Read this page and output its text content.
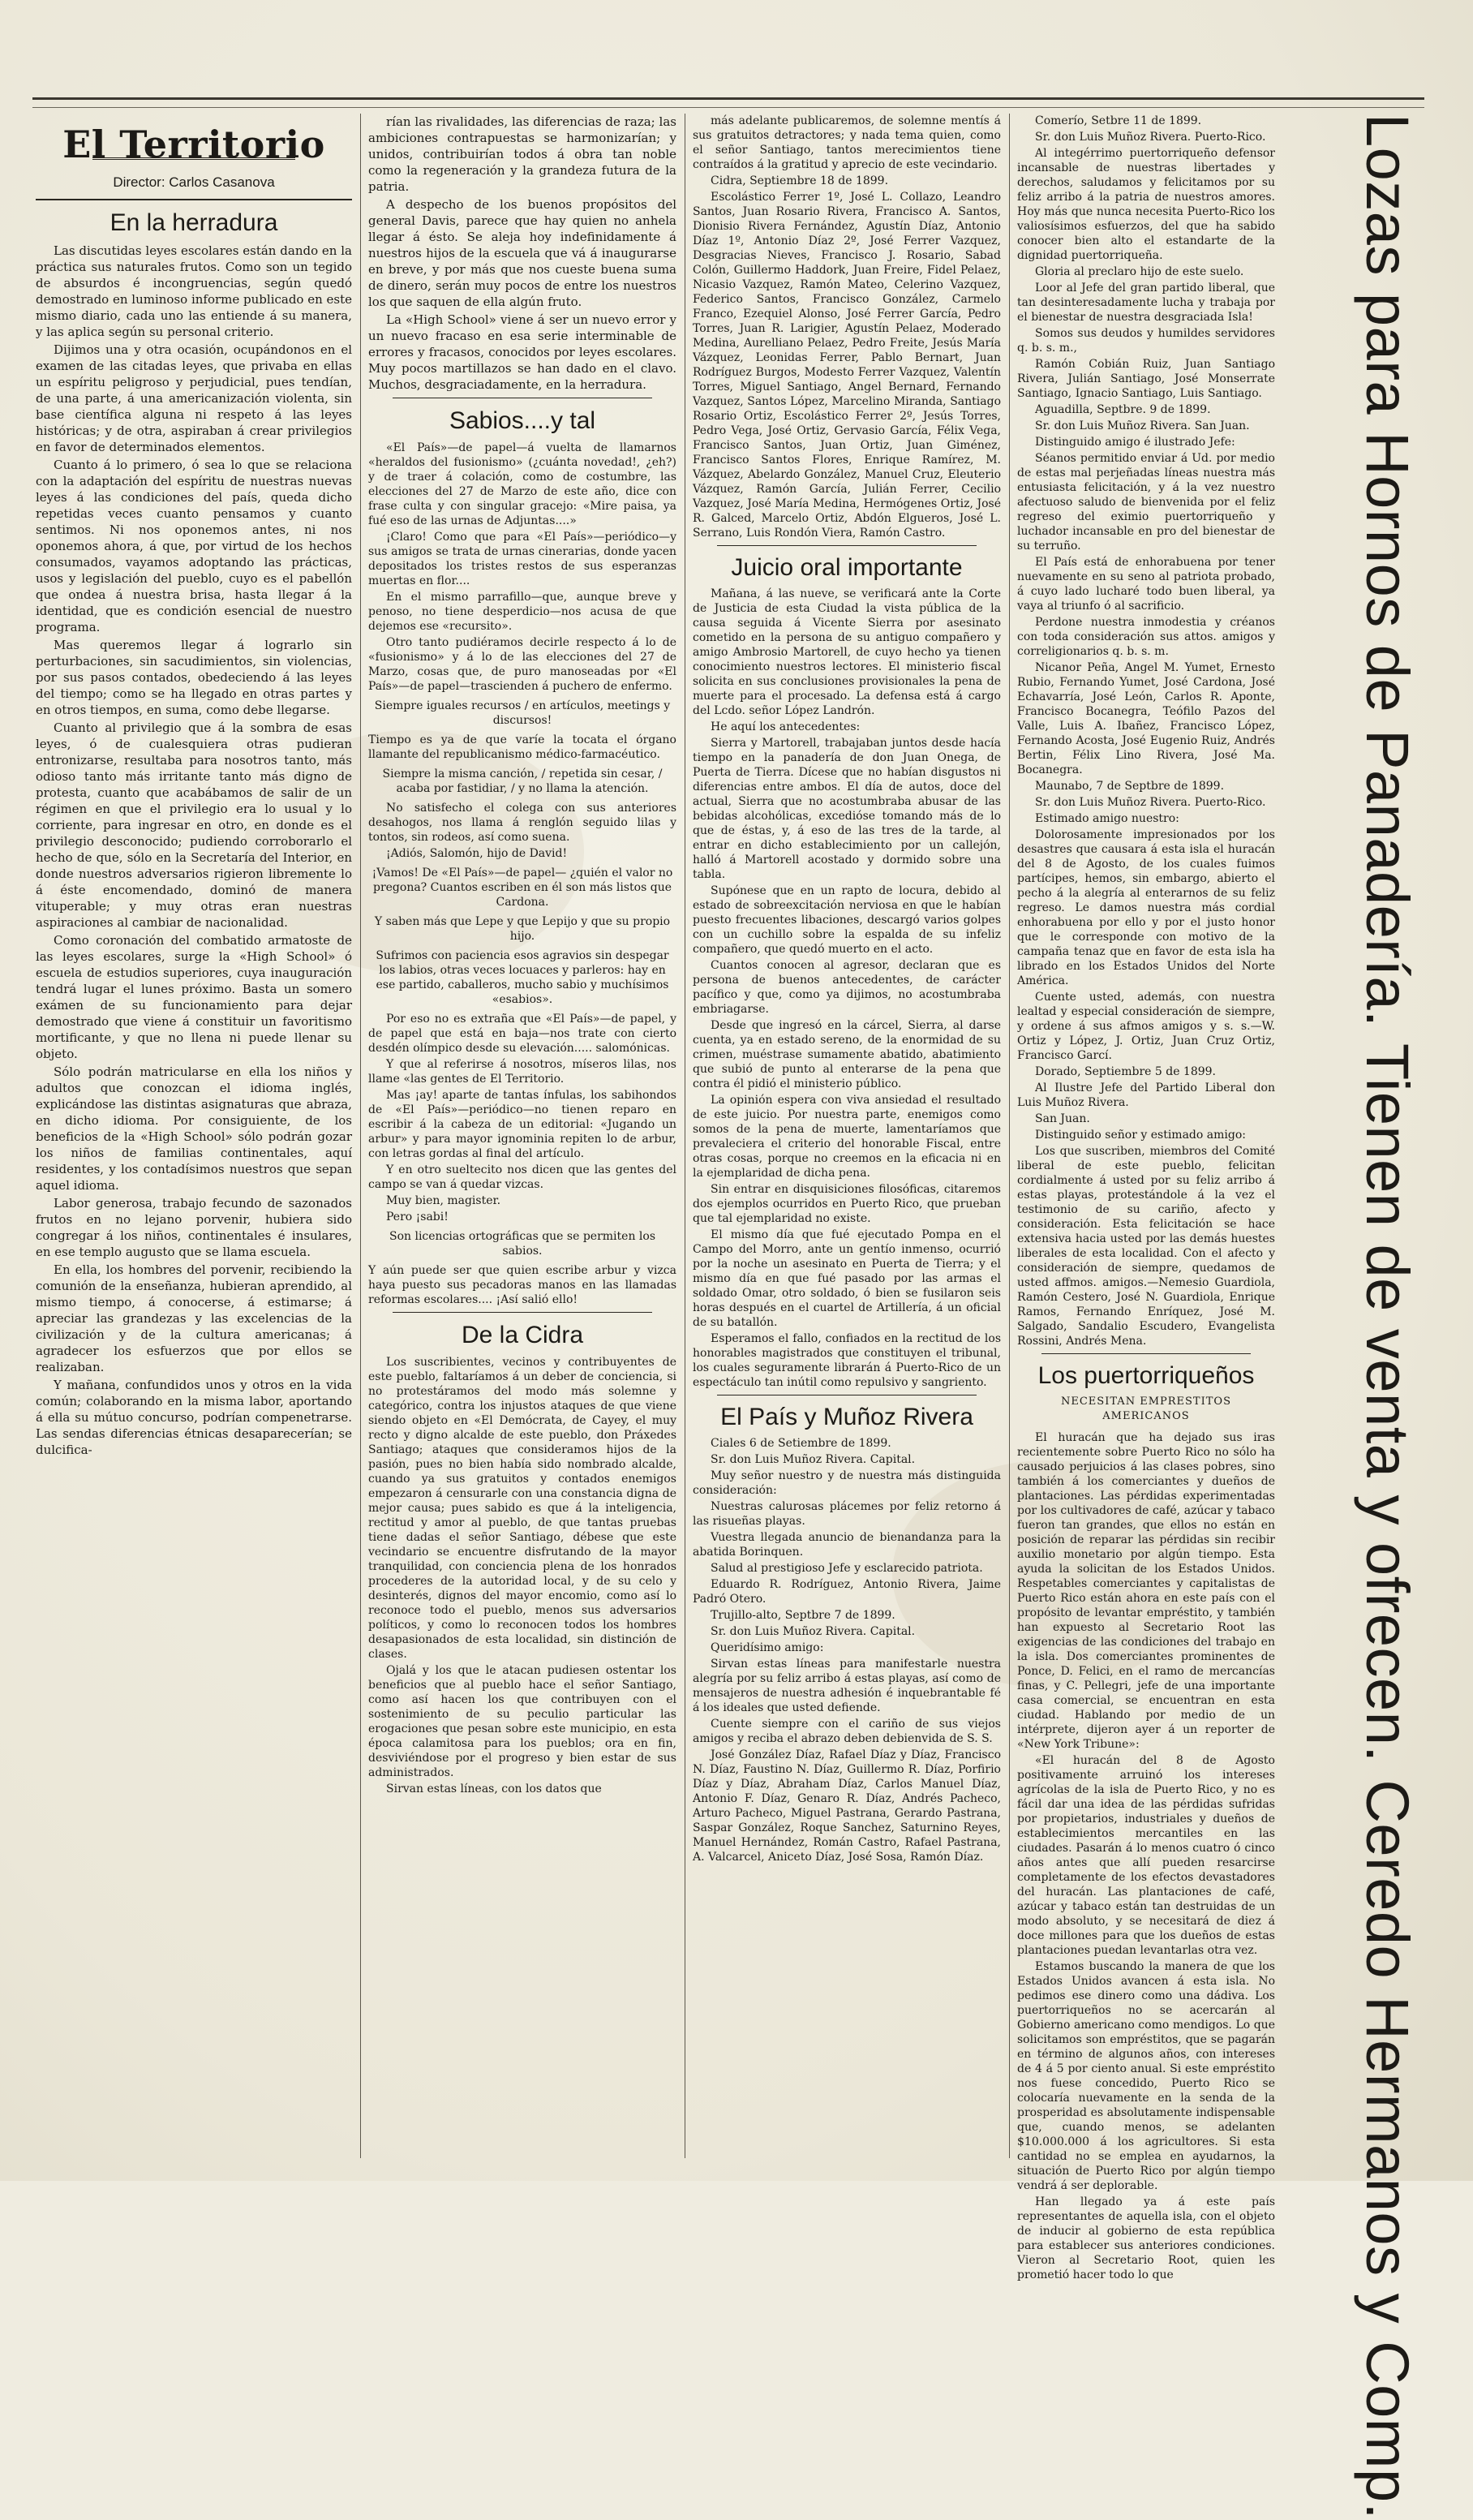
El Territorio
Director: Carlos Casanova
En la herradura

Las discutidas leyes escolares están dando en la práctica sus naturales frutos. Como son un tegido de absurdos é incongruencias, según quedó demostrado en luminoso informe publicado en este mismo diario, cada uno las entiende á su manera, y las aplica según su personal criterio.

Dijimos una y otra ocasión, ocupándonos en el examen de las citadas leyes, que privaba en ellas un espíritu peligroso y perjudicial, pues tendían, de una parte, á una americanización violenta, sin base científica alguna ni respeto á las leyes históricas; y de otra, aspiraban á crear privilegios en favor de determinados elementos.

Cuanto á lo primero, ó sea lo que se relaciona con la adaptación del espíritu de nuestras nuevas leyes á las condiciones del país, queda dicho repetidas veces cuanto pensamos y cuanto sentimos. Ni nos oponemos antes, ni nos oponemos ahora, á que, por virtud de los hechos consumados, vayamos adoptando las prácticas, usos y legislación del pueblo, cuyo es el pabellón que ondea á nuestra brisa, hasta llegar á la identidad, que es condición esencial de nuestro programa.

Mas queremos llegar á lograrlo sin perturbaciones, sin sacudimientos, sin violencias, por sus pasos contados, obedeciendo á las leyes del tiempo; como se ha llegado en otras partes y en otros tiempos, en suma, como debe llegarse.

Cuanto al privilegio que á la sombra de esas leyes, ó de cualesquiera otras pudieran entronizarse, resultaba para nosotros tanto, más odioso tanto más irritante tanto más digno de protesta, cuanto que acabábamos de salir de un régimen en que el privilegio era lo usual y lo corriente, para ingresar en otro, en donde es el privilegio desconocido; pudiendo corroborarlo el hecho de que, sólo en la Secretaría del Interior, en donde nuestros adversarios rigieron libremente lo á éste encomendado, dominó de manera vituperable; y muy otras eran nuestras aspiraciones al cambiar de nacionalidad.

Como coronación del combatido armatoste de las leyes escolares, surge la «High School» ó escuela de estudios superiores, cuya inauguración tendrá lugar el lunes próximo. Basta un somero exámen de su funcionamiento para dejar demostrado que viene á constituir un favoritismo mortificante, y que no llena ni puede llenar su objeto.

Sólo podrán matricularse en ella los niños y adultos que conozcan el idioma inglés, explicándose las distintas asignaturas que abraza, en dicho idioma. Por consiguiente, de los beneficios de la «High School» sólo podrán gozar los niños de familias continentales, aquí residentes, y los contadísimos nuestros que sepan aquel idioma.

Labor generosa, trabajo fecundo de sazonados frutos en no lejano porvenir, hubiera sido congregar á los niños, continentales é insulares, en ese templo augusto que se llama escuela.

En ella, los hombres del porvenir, recibiendo la comunión de la enseñanza, hubieran aprendido, al mismo tiempo, á conocerse, á estimarse; á apreciar las grandezas y las excelencias de la civilización y de la cultura americanas; á agradecer los esfuerzos que por ellos se realizaban.

Y mañana, confundidos unos y otros en la vida común; colaborando en la misma labor, aportando á ella su mútuo concurso, podrían compenetrarse. Las sendas diferencias étnicas desaparecerían; se dulcifica-

rían las rivalidades, las diferencias de raza; las ambiciones contrapuestas se harmonizarían; y unidos, contribuirían todos á obra tan noble como la regeneración y la grandeza futura de la patria.

A despecho de los buenos propósitos del general Davis, parece que hay quien no anhela llegar á ésto. Se aleja hoy indefinidamente á nuestros hijos de la escuela que vá á inaugurarse en breve, y por más que nos cueste buena suma de dinero, serán muy pocos de entre los nuestros los que saquen de ella algún fruto.

La «High School» viene á ser un nuevo error y un nuevo fracaso en esa serie interminable de errores y fracasos, conocidos por leyes escolares. Muy pocos martillazos se han dado en el clavo. Muchos, desgraciadamente, en la herradura.

Sabios....y tal

«El País»—de papel—á vuelta de llamarnos «heraldos del fusionismo» (¿cuánta novedad!, ¿eh?) y de traer á colación, como de costumbre, las elecciones del 27 de Marzo de este año, dice con frase culta y con singular gracejo: «Mire paisa, ya fué eso de las urnas de Adjuntas....»

¡Claro! Como que para «El País»—periódico—y sus amigos se trata de urnas cinerarias, donde yacen depositados los tristes restos de sus esperanzas muertas en flor....

En el mismo parrafillo—que, aunque breve y penoso, no tiene desperdicio—nos acusa de que dejemos ese «recursito».

Otro tanto pudiéramos decirle respecto á lo de «fusionismo» y á lo de las elecciones del 27 de Marzo, cosas que, de puro manoseadas por «El País»—de papel—trascienden á puchero de enfermo.

Siempre iguales recursos / en artículos, meetings y discursos!
Tiempo es ya de que varíe la tocata el órgano llamante del republicanismo médico-farmacéutico.
Siempre la misma canción, / repetida sin cesar, / acaba por fastidiar, / y no llama la atención.

No satisfecho el colega con sus anteriores desahogos, nos llama á renglón seguido lilas y tontos, sin rodeos, así como suena.

¡Adiós, Salomón, hijo de David!

¡Vamos! De «El País»—de papel— ¿quién el valor no pregona? Cuantos escriben en él son más listos que Cardona.
Y saben más que Lepe y que Lepijo y que su propio hijo.
Sufrimos con paciencia esos agravios sin despegar los labios, otras veces locuaces y parleros: hay en ese partido, caballeros, mucho sabio y muchísimos «esabios».

Por eso no es extraña que «El País»—de papel, y de papel que está en baja—nos trate con cierto desdén olímpico desde su elevación..... salomónicas.

Y que al referirse á nosotros, míseros lilas, nos llame «las gentes de El Territorio.

Mas ¡ay! aparte de tantas ínfulas, los sabihondos de «El País»—periódico—no tienen reparo en escribir á la cabeza de un editorial: «Jugando un arbur» y para mayor ignominia repiten lo de arbur, con letras gordas al final del artículo.

Y en otro sueltecito nos dicen que las gentes del campo se van á quedar vizcas.

Muy bien, magister.

Pero ¡sabi!

Son licencias ortográficas que se permiten los sabios.
Y aún puede ser que quien escribe arbur y vizca haya puesto sus pecadoras manos en las llamadas reformas escolares.... ¡Así salió ello!
De la Cidra

Los suscribientes, vecinos y contribuyentes de este pueblo, faltaríamos á un deber de conciencia, si no protestáramos del modo más solemne y categórico, contra los injustos ataques de que viene siendo objeto en «El Demócrata, de Cayey, el muy recto y digno alcalde de este pueblo, don Práxedes Santiago; ataques que consideramos hijos de la pasión, pues no bien había sido nombrado alcalde, cuando ya sus gratuitos y contados enemigos empezaron á censurarle con una constancia digna de mejor causa; pues sabido es que á la inteligencia, rectitud y amor al pueblo, de que tantas pruebas tiene dadas el señor Santiago, débese que este vecindario se encuentre disfrutando de la mayor tranquilidad, con conciencia plena de los honrados procederes de la autoridad local, y de su celo y desinterés, dignos del mayor encomio, como así lo reconoce todo el pueblo, menos sus adversarios políticos, y como lo reconocen todos los hombres desapasionados de esta localidad, sin distinción de clases.

Ojalá y los que le atacan pudiesen ostentar los beneficios que al pueblo hace el señor Santiago, como así hacen los que contribuyen con el sostenimiento de su peculio particular las erogaciones que pesan sobre este municipio, en esta época calamitosa para los pueblos; ora en fin, desviviéndose por el progreso y bien estar de sus administrados.

Sirvan estas líneas, con los datos que

más adelante publicaremos, de solemne mentís á sus gratuitos detractores; y nada tema quien, como el señor Santiago, tantos merecimientos tiene contraídos á la gratitud y aprecio de este vecindario.

Cidra, Septiembre 18 de 1899.

Escolástico Ferrer 1º, José L. Collazo, Leandro Santos, Juan Rosario Rivera, Francisco A. Santos, Dionisio Rivera Fernández, Agustín Díaz, Antonio Díaz 1º, Antonio Díaz 2º, José Ferrer Vazquez, Desgracias Nieves, Francisco J. Rosario, Sabad Colón, Guillermo Haddork, Juan Freire, Fidel Pelaez, Nicasio Vazquez, Ramón Mateo, Celerino Vazquez, Federico Santos, Francisco González, Carmelo Franco, Ezequiel Alonso, José Ferrer García, Pedro Torres, Juan R. Larigier, Agustín Pelaez, Moderado Medina, Aurelliano Pelaez, Pedro Freite, Jesús María Vázquez, Leonidas Ferrer, Pablo Bernart, Juan Rodríguez Burgos, Modesto Ferrer Vazquez, Valentín Torres, Miguel Santiago, Angel Bernard, Fernando Vazquez, Santos López, Marcelino Miranda, Santiago Rosario Ortiz, Escolástico Ferrer 2º, Jesús Torres, Pedro Vega, José Ortiz, Gervasio García, Félix Vega, Francisco Santos, Juan Ortiz, Juan Giménez, Francisco Santos Flores, Enrique Ramírez, M. Vázquez, Abelardo González, Manuel Cruz, Eleuterio Vázquez, Ramón García, Julián Ferrer, Cecilio Vazquez, José María Medina, Hermógenes Ortiz, José R. Galced, Marcelo Ortiz, Abdón Elgueros, José L. Serrano, Luis Rondón Viera, Ramón Castro.

Juicio oral importante

Mañana, á las nueve, se verificará ante la Corte de Justicia de esta Ciudad la vista pública de la causa seguida á Vicente Sierra por asesinato cometido en la persona de su antiguo compañero y amigo Ambrosio Martorell, de cuyo hecho ya tienen conocimiento nuestros lectores. El ministerio fiscal solicita en sus conclusiones provisionales la pena de muerte para el procesado. La defensa está á cargo del Lcdo. señor López Landrón.

He aquí los antecedentes:

Sierra y Martorell, trabajaban juntos desde hacía tiempo en la panadería de don Juan Onega, de Puerta de Tierra. Dícese que no habían disgustos ni diferencias entre ambos. El día de autos, doce del actual, Sierra que no acostumbraba abusar de las bebidas alcohólicas, excedióse tomando más de lo que de éstas, y, á eso de las tres de la tarde, al entrar en dicho establecimiento por un callejón, halló á Martorell acostado y dormido sobre una tabla.

Supónese que en un rapto de locura, debido al estado de sobreexcitación nerviosa en que le habían puesto frecuentes libaciones, descargó varios golpes con un cuchillo sobre la espalda de su infeliz compañero, que quedó muerto en el acto.

Cuantos conocen al agresor, declaran que es persona de buenos antecedentes, de carácter pacífico y que, como ya dijimos, no acostumbraba embriagarse.

Desde que ingresó en la cárcel, Sierra, al darse cuenta, ya en estado sereno, de la enormidad de su crimen, muéstrase sumamente abatido, abatimiento que subió de punto al enterarse de la pena que contra él pidió el ministerio público.

La opinión espera con viva ansiedad el resultado de este juicio. Por nuestra parte, enemigos como somos de la pena de muerte, lamentaríamos que prevaleciera el criterio del honorable Fiscal, entre otras cosas, porque no creemos en la eficacia ni en la ejemplaridad de dicha pena.

Sin entrar en disquisiciones filosóficas, citaremos dos ejemplos ocurridos en Puerto Rico, que prueban que tal ejemplaridad no existe.

El mismo día que fué ejecutado Pompa en el Campo del Morro, ante un gentío inmenso, ocurrió por la noche un asesinato en Puerta de Tierra; y el mismo día en que fué pasado por las armas el soldado Omar, otro soldado, ó bien se fusilaron seis horas después en el cuartel de Artillería, á un oficial de su batallón.

Esperamos el fallo, confiados en la rectitud de los honorables magistrados que constituyen el tribunal, los cuales seguramente librarán á Puerto-Rico de un espectáculo tan inútil como repulsivo y sangriento.

El País y Muñoz Rivera

Ciales 6 de Setiembre de 1899.

Sr. don Luis Muñoz Rivera. Capital.

Muy señor nuestro y de nuestra más distinguida consideración:

Nuestras calurosas plácemes por feliz retorno á las risueñas playas.

Vuestra llegada anuncio de bienandanza para la abatida Borinquen.

Salud al prestigioso Jefe y esclarecido patriota.

Eduardo R. Rodríguez, Antonio Rivera, Jaime Padró Otero.

Trujillo-alto, Septbre 7 de 1899.

Sr. don Luis Muñoz Rivera. Capital.

Queridísimo amigo:

Sirvan estas líneas para manifestarle nuestra alegría por su feliz arribo á estas playas, así como de mensajeros de nuestra adhesión é inquebrantable fé á los ideales que usted defiende.

Cuente siempre con el cariño de sus viejos amigos y reciba el abrazo deben debienvida de S. S.

José González Díaz, Rafael Díaz y Díaz, Francisco N. Díaz, Faustino N. Díaz, Guillermo R. Díaz, Porfirio Díaz y Díaz, Abraham Díaz, Carlos Manuel Díaz, Antonio F. Díaz, Genaro R. Díaz, Andrés Pacheco, Arturo Pacheco, Miguel Pastrana, Gerardo Pastrana, Saspar González, Roque Sanchez, Saturnino Reyes, Manuel Hernández, Román Castro, Rafael Pastrana, A. Valcarcel, Aniceto Díaz, José Sosa, Ramón Díaz.

Comerío, Setbre 11 de 1899.

Sr. don Luis Muñoz Rivera. Puerto-Rico.

Al integérrimo puertorriqueño defensor incansable de nuestras libertades y derechos, saludamos y felicitamos por su feliz arribo á la patria de nuestros amores. Hoy más que nunca necesita Puerto-Rico los valiosísimos esfuerzos, del que ha sabido conocer bien alto el estandarte de la dignidad puertorriqueña.

Gloria al preclaro hijo de este suelo.

Loor al Jefe del gran partido liberal, que tan desinteresadamente lucha y trabaja por el bienestar de nuestra desgraciada Isla!

Somos sus deudos y humildes servidores q. b. s. m.,

Ramón Cobián Ruiz, Juan Santiago Rivera, Julián Santiago, José Monserrate Santiago, Ignacio Santiago, Luis Santiago.

Aguadilla, Septbre. 9 de 1899.

Sr. don Luis Muñoz Rivera. San Juan.

Distinguido amigo é ilustrado Jefe:

Séanos permitido enviar á Ud. por medio de estas mal perjeñadas líneas nuestra más entusiasta felicitación, y á la vez nuestro afectuoso saludo de bienvenida por el feliz regreso del eximio puertorriqueño y luchador incansable en pro del bienestar de su terruño.

El País está de enhorabuena por tener nuevamente en su seno al patriota probado, á cuyo lado lucharé todo buen liberal, ya vaya al triunfo ó al sacrificio.

Perdone nuestra inmodestia y créanos con toda consideración sus attos. amigos y correligionarios q. b. s. m.

Nicanor Peña, Angel M. Yumet, Ernesto Rubio, Fernando Yumet, José Cardona, José Echavarría, José León, Carlos R. Aponte, Francisco Bocanegra, Teófilo Pazos del Valle, Luis A. Ibañez, Francisco López, Fernando Acosta, José Eugenio Ruiz, Andrés Bertin, Félix Lino Rivera, José Ma. Bocanegra.

Maunabo, 7 de Septbre de 1899.

Sr. don Luis Muñoz Rivera. Puerto-Rico.

Estimado amigo nuestro:

Dolorosamente impresionados por los desastres que causara á esta isla el huracán del 8 de Agosto, de los cuales fuimos partícipes, hemos, sin embargo, abierto el pecho á la alegría al enterarnos de su feliz regreso. Le damos nuestra más cordial enhorabuena por ello y por el justo honor que le corresponde con motivo de la campaña tenaz que en favor de esta isla ha librado en los Estados Unidos del Norte América.

Cuente usted, además, con nuestra lealtad y especial consideración de siempre, y ordene á sus afmos amigos y s. s.—W. Ortiz y López, J. Ortiz, Juan Cruz Ortiz, Francisco Garcí.

Dorado, Septiembre 5 de 1899.

Al Ilustre Jefe del Partido Liberal don Luis Muñoz Rivera.

San Juan.

Distinguido señor y estimado amigo:

Los que suscriben, miembros del Comité liberal de este pueblo, felicitan cordialmente á usted por su feliz arribo á estas playas, protestándole á la vez el testimonio de su cariño, afecto y consideración. Esta felicitación se hace extensiva hacia usted por las demás huestes liberales de esta localidad. Con el afecto y consideración de siempre, quedamos de usted affmos. amigos.—Nemesio Guardiola, Ramón Cestero, José N. Guardiola, Enrique Ramos, Fernando Enríquez, José M. Salgado, Sandalio Escudero, Evangelista Rossini, Andrés Mena.

Los puertorriqueños
NECESITAN EMPRESTITOS AMERICANOS

El huracán que ha dejado sus iras recientemente sobre Puerto Rico no sólo ha causado perjuicios á las clases pobres, sino también á los comerciantes y dueños de plantaciones. Las pérdidas experimentadas por los cultivadores de café, azúcar y tabaco fueron tan grandes, que ellos no están en posición de reparar las pérdidas sin recibir auxilio monetario por algún tiempo. Esta ayuda la solicitan de los Estados Unidos. Respetables comerciantes y capitalistas de Puerto Rico están ahora en este país con el propósito de levantar empréstito, y también han expuesto al Secretario Root las exigencias de las condiciones del trabajo en la isla. Dos comerciantes prominentes de Ponce, D. Felici, en el ramo de mercancías finas, y C. Pellegri, jefe de una importante casa comercial, se encuentran en esta ciudad. Hablando por medio de un intérprete, dijeron ayer á un reporter de «New York Tribune»:

«El huracán del 8 de Agosto positivamente arruinó los intereses agrícolas de la isla de Puerto Rico, y no es fácil dar una idea de las pérdidas sufridas por propietarios, industriales y dueños de establecimientos mercantiles en las ciudades. Pasarán á lo menos cuatro ó cinco años antes que allí pueden resarcirse completamente de los efectos devastadores del huracán. Las plantaciones de café, azúcar y tabaco están tan destruidas de un modo absoluto, y se necesitará de diez á doce millones para que los dueños de estas plantaciones puedan levantarlas otra vez.

Estamos buscando la manera de que los Estados Unidos avancen á esta isla. No pedimos ese dinero como una dádiva. Los puertorriqueños no se acercarán al Gobierno americano como mendigos. Lo que solicitamos son empréstitos, que se pagarán en término de algunos años, con intereses de 4 á 5 por ciento anual. Si este empréstito nos fuese concedido, Puerto Rico se colocaría nuevamente en la senda de la prosperidad es absolutamente indispensable que, cuando menos, se adelanten $10.000.000 á los agricultores. Si esta cantidad no se emplea en ayudarnos, la situación de Puerto Rico por algún tiempo vendrá á ser deplorable.

Han llegado ya á este país representantes de aquella isla, con el objeto de inducir al gobierno de esta república para establecer sus anteriores condiciones. Vieron al Secretario Root, quien les prometió hacer todo lo que	Lozas para Hornos de Panadería. Tienen de venta y ofrecen. Ceredo Hermanos y Comp.
